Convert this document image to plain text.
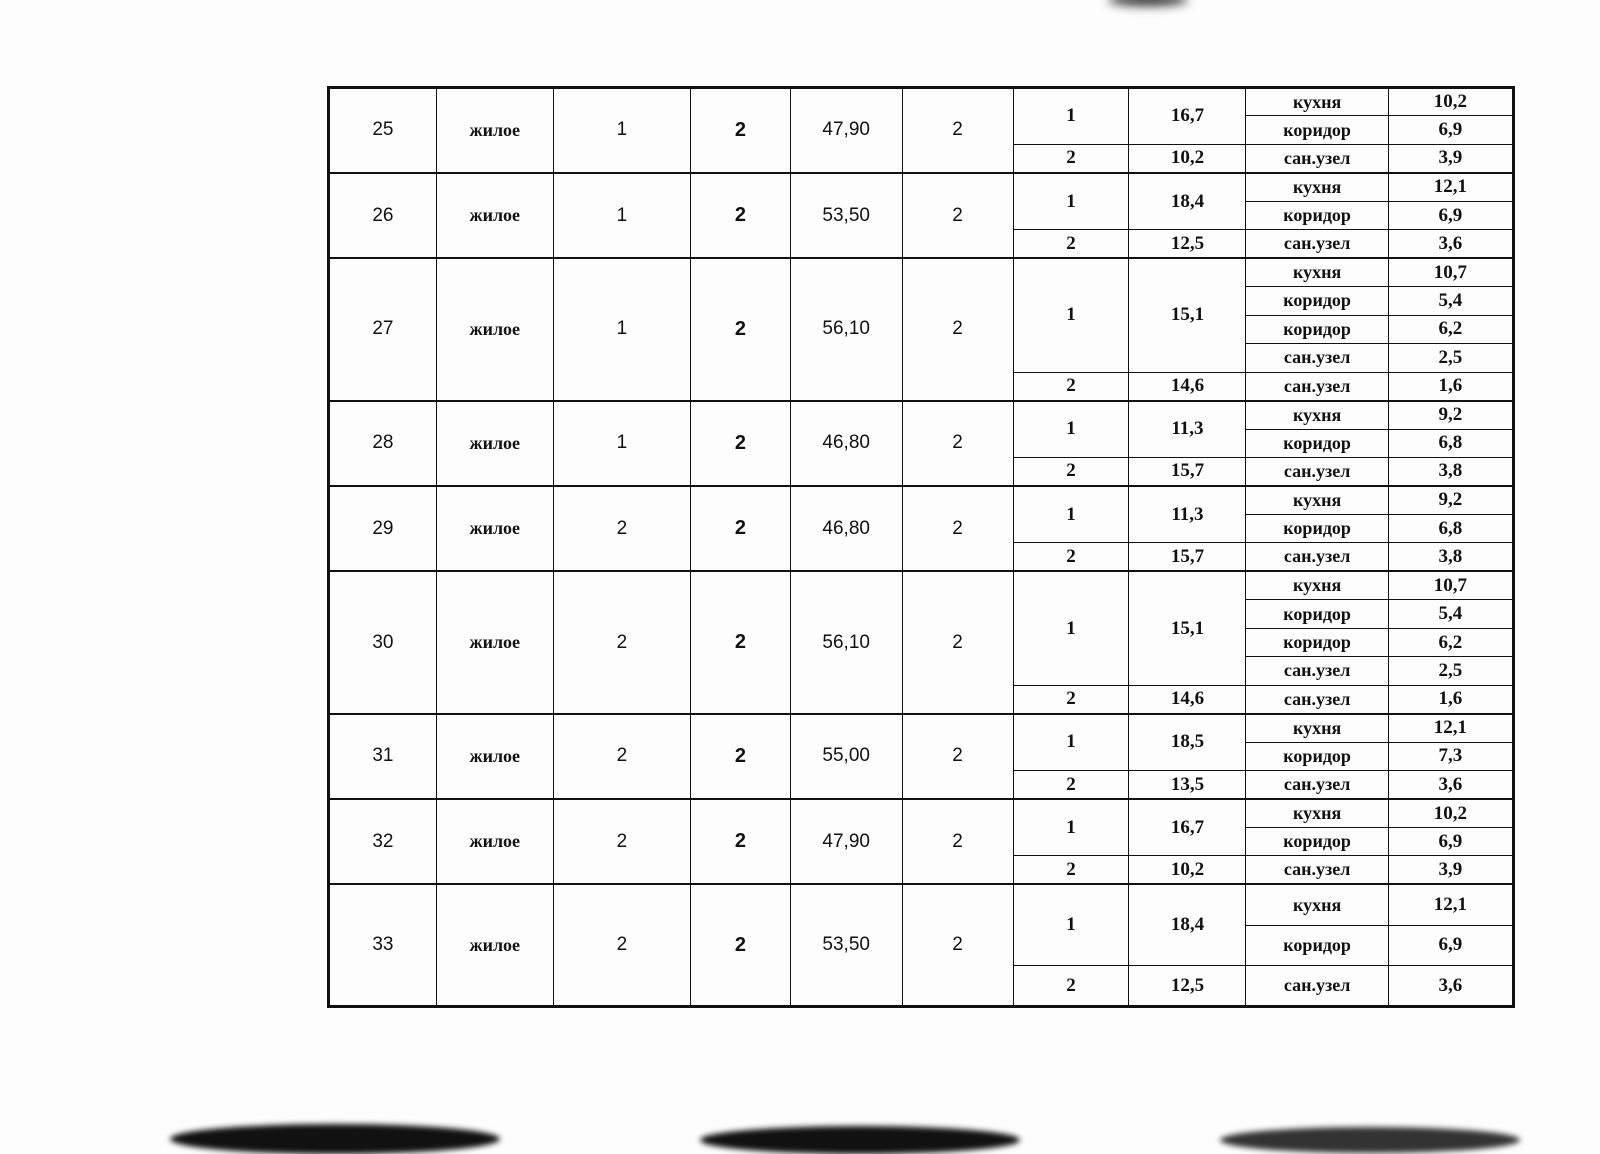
25	жилое	1	2	47,90	2	1	16,7	кухня	10,2
								коридор	6,9
						2	10,2	сан.узел	3,9
26	жилое	1	2	53,50	2	1	18,4	кухня	12,1
								коридор	6,9
						2	12,5	сан.узел	3,6
27	жилое	1	2	56,10	2	1	15,1	кухня	10,7
								коридор	5,4
								коридор	6,2
								сан.узел	2,5
						2	14,6	сан.узел	1,6
28	жилое	1	2	46,80	2	1	11,3	кухня	9,2
								коридор	6,8
						2	15,7	сан.узел	3,8
29	жилое	2	2	46,80	2	1	11,3	кухня	9,2
								коридор	6,8
						2	15,7	сан.узел	3,8
30	жилое	2	2	56,10	2	1	15,1	кухня	10,7
								коридор	5,4
								коридор	6,2
								сан.узел	2,5
						2	14,6	сан.узел	1,6
31	жилое	2	2	55,00	2	1	18,5	кухня	12,1
								коридор	7,3
						2	13,5	сан.узел	3,6
32	жилое	2	2	47,90	2	1	16,7	кухня	10,2
								коридор	6,9
						2	10,2	сан.узел	3,9
33	жилое	2	2	53,50	2	1	18,4	кухня	12,1
								коридор	6,9
						2	12,5	сан.узел	3,6
